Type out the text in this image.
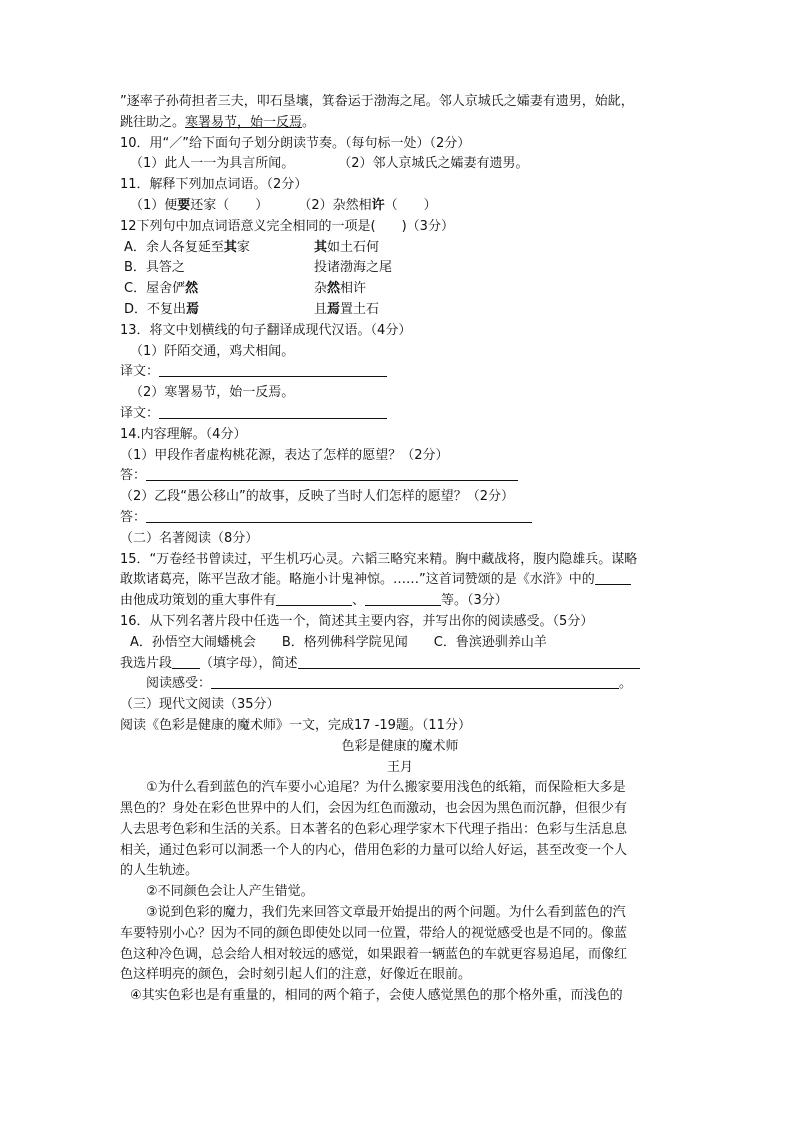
”逐率子孙荷担者三夫，叩石垦壤，箕畚运于渤海之尾。邻人京城氏之孀妻有遗男，始龀，
跳往助之。寒署易节，始一反焉。
10．用“／”给下面句子划分朗读节奏。（每句标一处）（2分）
（1）此人一一为具言所闻。	（2）邻人京城氏之孀妻有遗男。
11．解释下列加点词语。（2分）
（1）便要还家（　　） （2）杂然相许（　　）
12下列句中加点词语意义完全相同的一项是(　　)（3分）
A．余人各复延至其家	其如土石何
B．具答之	投诸渤海之尾
C．屋舍俨然	杂然相许
D．不复出焉	且焉置土石
13．将文中划横线的句子翻译成现代汉语。（4分）
（1）阡陌交通，鸡犬相闻。
译文：
（2）寒署易节，始一反焉。
译文：
14.内容理解。（4分）
（1）甲段作者虚构桃花源，表达了怎样的愿望？（2分）
答：
（2）乙段“愚公移山”的故事，反映了当时人们怎样的愿望？（2分）
答：
（二）名著阅读（8分）
15．“万卷经书曾读过，平生机巧心灵。六韬三略究来精。胸中藏战将，腹内隐雄兵。谋略
敢欺诸葛亮，陈平岂敌才能。略施小计鬼神惊。……”这首词赞颂的是《水浒》中的
由他成功策划的重大事件有	、	等。（3分）
16．从下列名著片段中任选一个，简述其主要内容，并写出你的阅读感受。（5分）
A．孙悟空大闹蟠桃会　　B．格列佛科学院见闻　　C．鲁滨逊驯养山羊
我选片段 （填字母），简述
阅读感受：	。
（三）现代文阅读（35分）
阅读《色彩是健康的魔术师》一文，完成17 -19题。（11分）
色彩是健康的魔术师
王月
①为什么看到蓝色的汽车要小心追尾？为什么搬家要用浅色的纸箱，而保险柜大多是
黑色的？身处在彩色世界中的人们，会因为红色而激动，也会因为黑色而沉静，但很少有
人去思考色彩和生活的关系。日本著名的色彩心理学家木下代理子指出：色彩与生活息息
相关，通过色彩可以洞悉一个人的内心，借用色彩的力量可以给人好运，甚至改变一个人
的人生轨迹。
②不同颜色会让人产生错觉。
③说到色彩的魔力，我们先来回答文章最开始提出的两个问题。为什么看到蓝色的汽
车要特别小心？因为不同的颜色即使处以同一位置，带给人的视觉感受也是不同的。像蓝
色这种冷色调，总会给人相对较远的感觉，如果跟着一辆蓝色的车就更容易追尾，而像红
色这样明亮的颜色，会时刻引起人们的注意，好像近在眼前。
④其实色彩也是有重量的，相同的两个箱子，会使人感觉黑色的那个格外重，而浅色的
